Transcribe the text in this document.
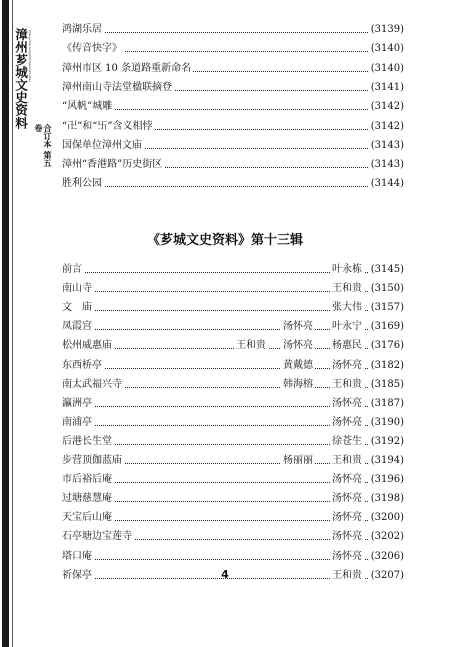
漳州芗城文史资料 zhangzhouxiangchengwenshiziliao
合订本 第五卷
鸿湖乐居	(3139)
《传音快字》	(3140)
漳州市区 10 条道路重新命名	(3140)
漳州南山寺法堂楹联摘登	(3141)
“风帆”城雕	(3142)
“卍”和“卐”含义相悖	(3142)
国保单位漳州文庙	(3143)
漳州“香港路”历史街区	(3143)
胜利公园	(3144)
《芗城文史资料》第十三辑
前言	叶永栋 (3145)
南山寺	王和贵 (3150)
文　庙	张大伟 (3157)
凤霞宫	汤怀亮 叶永宁 (3169)
松州威惠庙	王和贵 汤怀亮 杨惠民 (3176)
东西桥亭	黄戴德 汤怀亮 (3182)
南太武福兴寺	韩海榕 王和贵 (3185)
瀛洲亭	汤怀亮 (3187)
南浦亭	汤怀亮 (3190)
后港长生堂	徐苍生 (3192)
步营顶伽蓝庙	杨丽丽 王和贵 (3194)
市后裕后庵	汤怀亮 (3196)
过塘慈慧庵	汤怀亮 (3198)
天宝后山庵	汤怀亮 (3200)
石亭塘边宝莲寺	汤怀亮 (3202)
塔口庵	汤怀亮 (3206)
祈保亭	王和贵 (3207)
4
